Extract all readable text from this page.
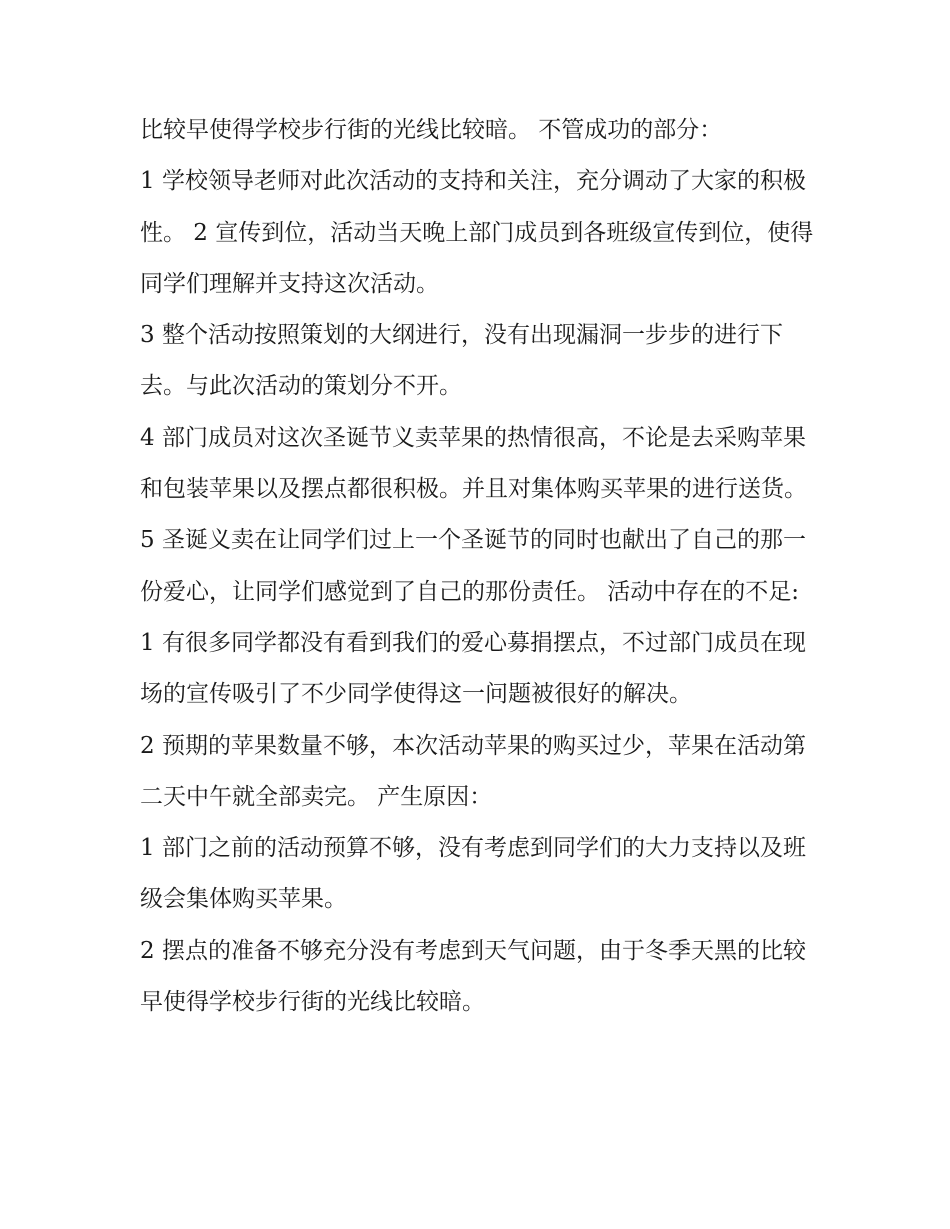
比较早使得学校步行街的光线比较暗。 不管成功的部分：

1 学校领导老师对此次活动的支持和关注，充分调动了大家的积极性。 2 宣传到位，活动当天晚上部门成员到各班级宣传到位，使得同学们理解并支持这次活动。

3 整个活动按照策划的大纲进行，没有出现漏洞一步步的进行下去。与此次活动的策划分不开。

4 部门成员对这次圣诞节义卖苹果的热情很高，不论是去采购苹果和包装苹果以及摆点都很积极。并且对集体购买苹果的进行送货。

5 圣诞义卖在让同学们过上一个圣诞节的同时也献出了自己的那一份爱心，让同学们感觉到了自己的那份责任。 活动中存在的不足:

1 有很多同学都没有看到我们的爱心募捐摆点，不过部门成员在现场的宣传吸引了不少同学使得这一问题被很好的解决。

2 预期的苹果数量不够，本次活动苹果的购买过少，苹果在活动第二天中午就全部卖完。 产生原因：

1 部门之前的活动预算不够，没有考虑到同学们的大力支持以及班级会集体购买苹果。

2 摆点的准备不够充分没有考虑到天气问题，由于冬季天黑的比较早使得学校步行街的光线比较暗。
